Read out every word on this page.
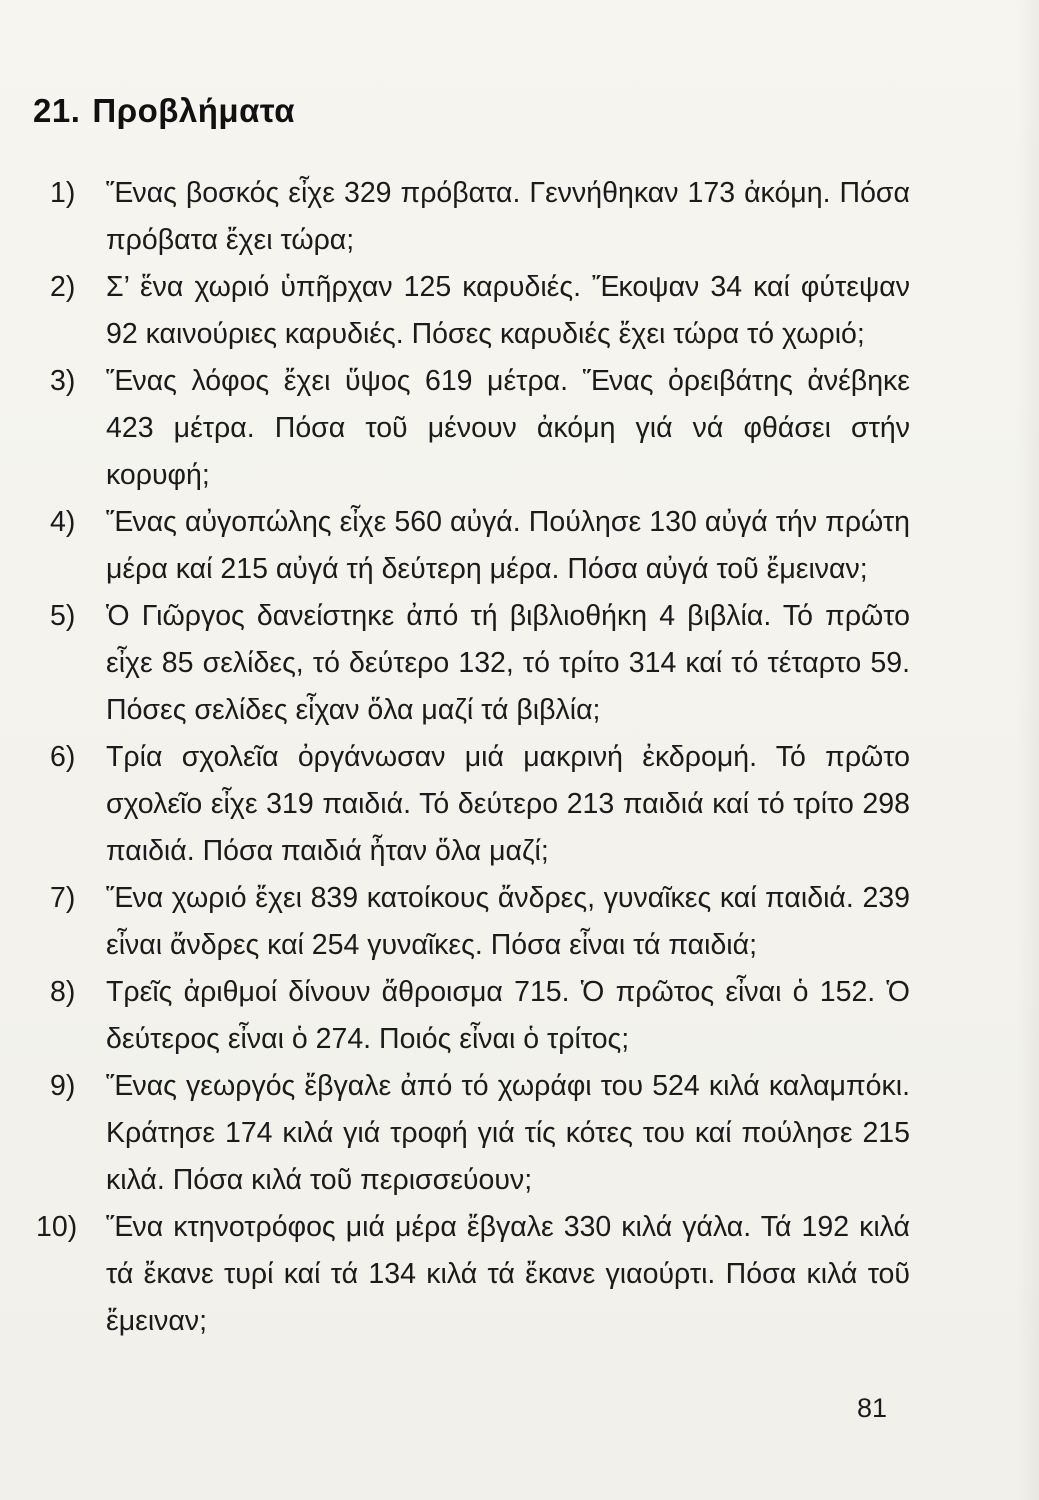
21. Προβλήματα
1)	Ἕνας βοσκός εἶχε 329 πρόβατα. Γεννήθηκαν 173 ἀκόμη. Πόσα πρόβατα ἔχει τώρα;
2)	Σ’ ἕνα χωριό ὑπῆρχαν 125 καρυδιές. Ἔκοψαν 34 καί φύτεψαν 92 καινούριες καρυδιές. Πόσες καρυδιές ἔχει τώρα τό χωριό;
3)	Ἕνας λόφος ἔχει ὕψος 619 μέτρα. Ἕνας ὀρειβάτης ἀνέβηκε 423 μέτρα. Πόσα τοῦ μένουν ἀκόμη γιά νά φθάσει στήν κορυφή;
4)	Ἕνας αὐγοπώλης εἶχε 560 αὐγά. Πούλησε 130 αὐγά τήν πρώτη μέρα καί 215 αὐγά τή δεύτερη μέρα. Πόσα αὐγά τοῦ ἔμειναν;
5)	Ὁ Γιῶργος δανείστηκε ἀπό τή βιβλιοθήκη 4 βιβλία. Τό πρῶτο εἶχε 85 σελίδες, τό δεύτερο 132, τό τρίτο 314 καί τό τέταρτο 59. Πόσες σελίδες εἶχαν ὅλα μαζί τά βιβλία;
6)	Τρία σχολεῖα ὀργάνωσαν μιά μακρινή ἐκδρομή. Τό πρῶτο σχολεῖο εἶχε 319 παιδιά. Τό δεύτερο 213 παιδιά καί τό τρίτο 298 παιδιά. Πόσα παιδιά ἦταν ὅλα μαζί;
7)	Ἕνα χωριό ἔχει 839 κατοίκους ἄνδρες, γυναῖκες καί παιδιά. 239 εἶναι ἄνδρες καί 254 γυναῖκες. Πόσα εἶναι τά παιδιά;
8)	Τρεῖς ἀριθμοί δίνουν ἄθροισμα 715. Ὁ πρῶτος εἶναι ὁ 152. Ὁ δεύτερος εἶναι ὁ 274. Ποιός εἶναι ὁ τρίτος;
9)	Ἕνας γεωργός ἔβγαλε ἀπό τό χωράφι του 524 κιλά καλαμπόκι. Κράτησε 174 κιλά γιά τροφή γιά τίς κότες του καί πούλησε 215 κιλά. Πόσα κιλά τοῦ περισσεύουν;
10)	Ἕνα κτηνοτρόφος μιά μέρα ἔβγαλε 330 κιλά γάλα. Τά 192 κιλά τά ἔκανε τυρί καί τά 134 κιλά τά ἔκανε γιαούρτι. Πόσα κιλά τοῦ ἔμειναν;
81
